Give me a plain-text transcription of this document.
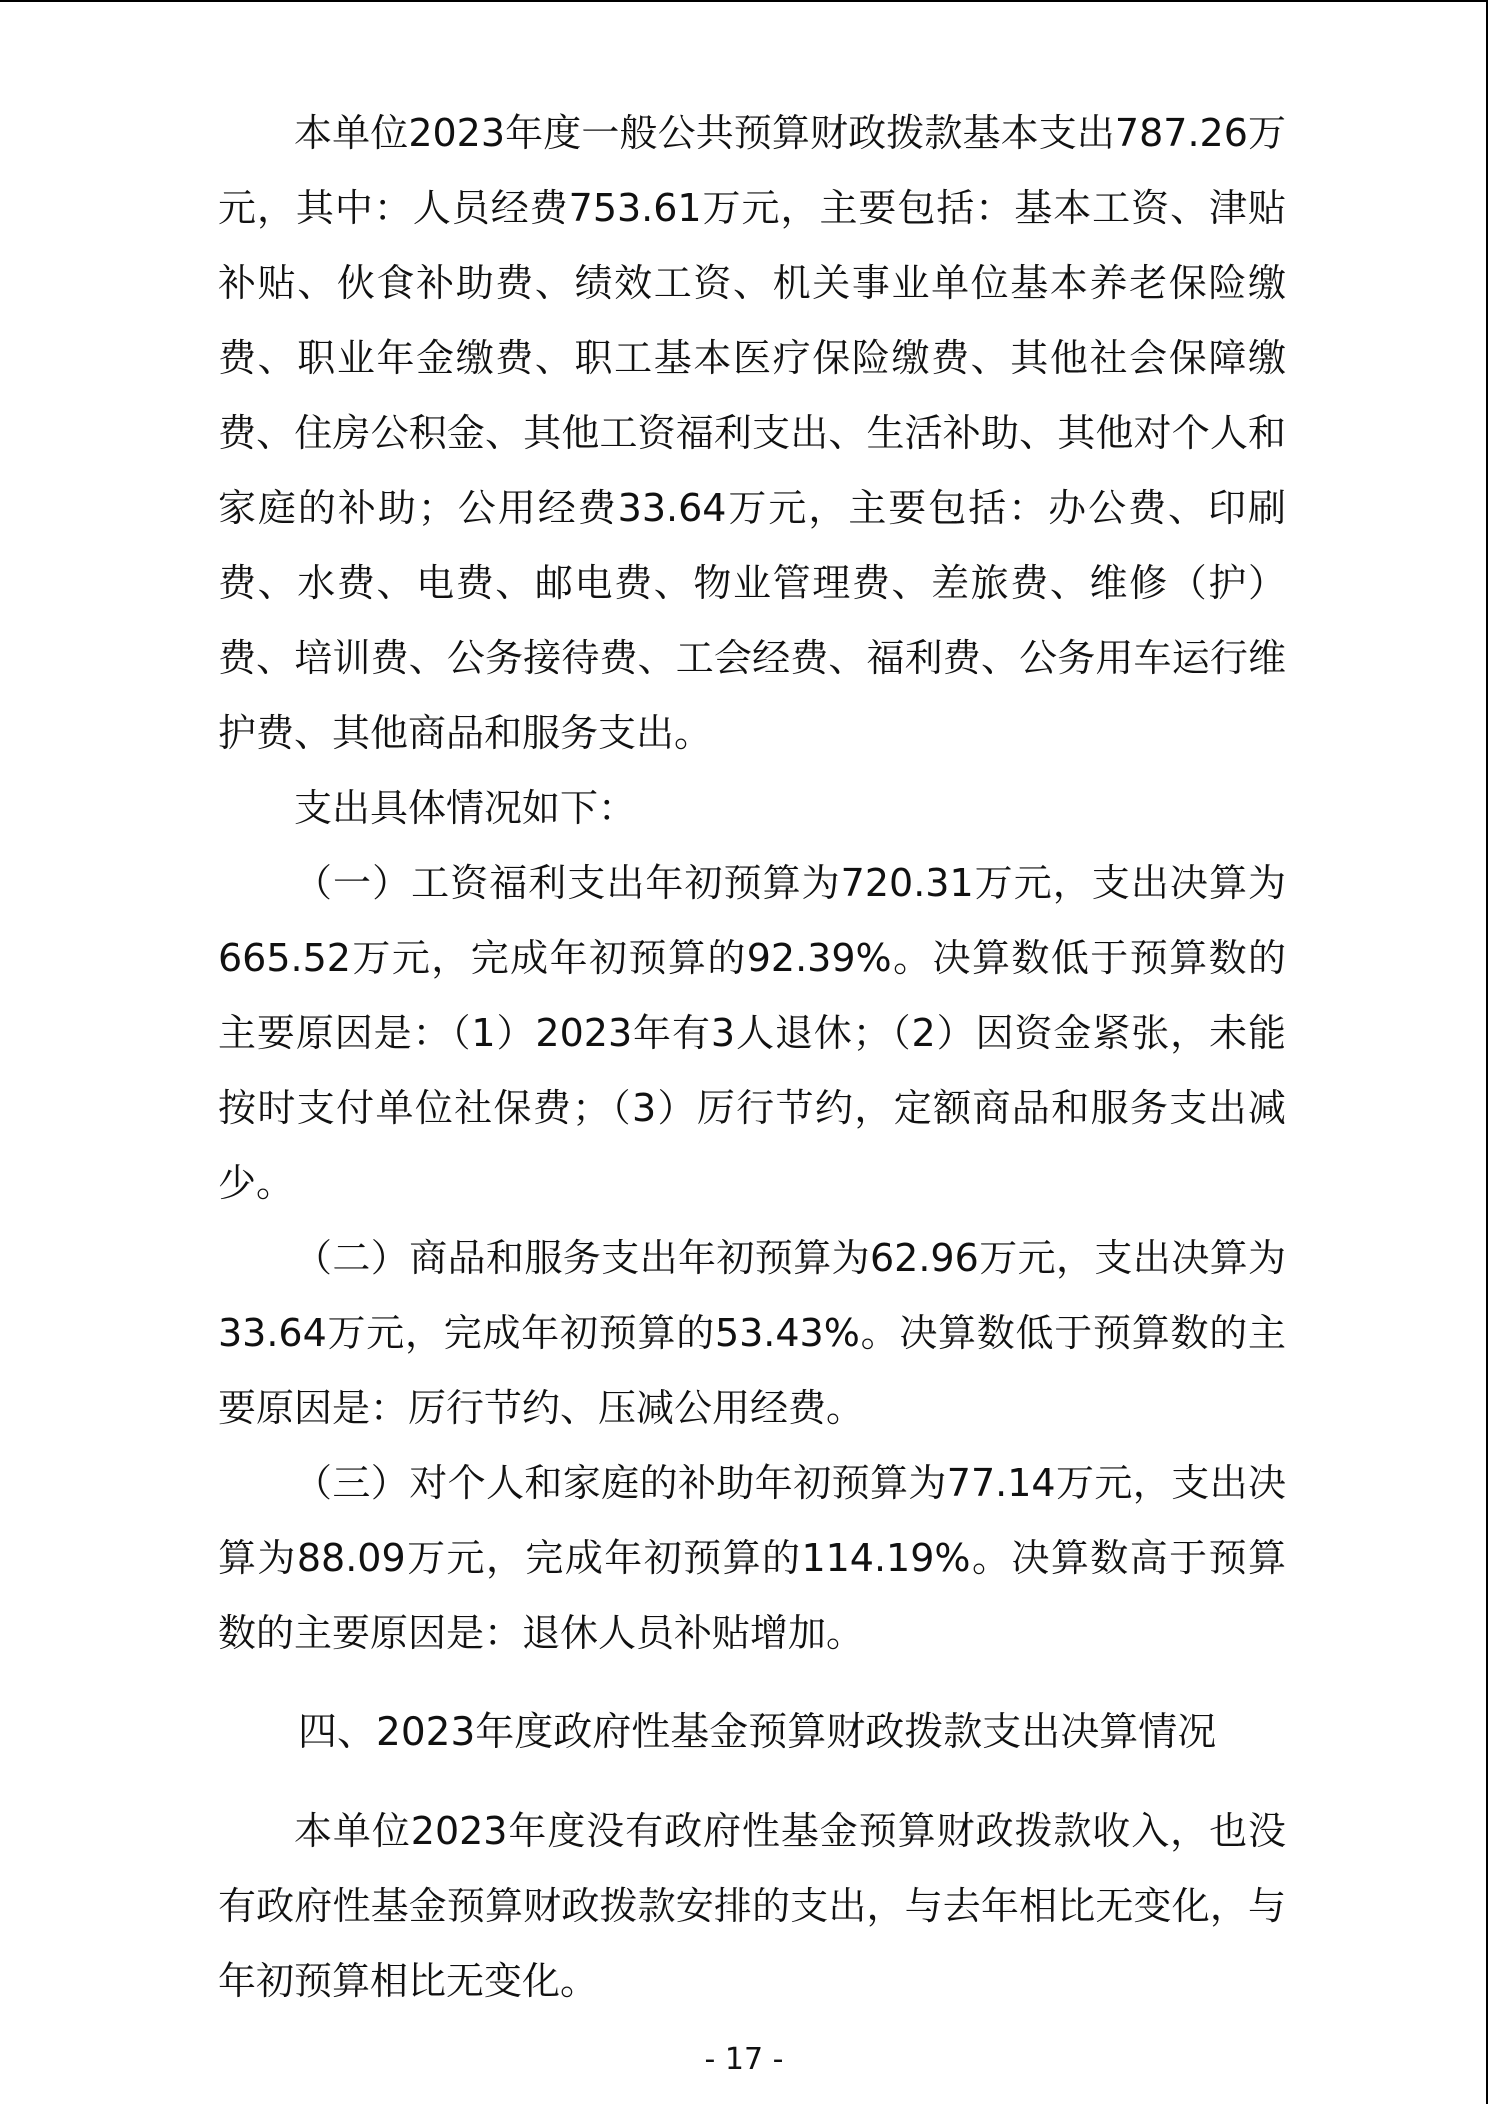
本单位2023年度一般公共预算财政拨款基本支出787.26万元，其中：人员经费753.61万元，主要包括：基本工资、津贴补贴、伙食补助费、绩效工资、机关事业单位基本养老保险缴费、职业年金缴费、职工基本医疗保险缴费、其他社会保障缴费、住房公积金、其他工资福利支出、生活补助、其他对个人和家庭的补助；公用经费33.64万元，主要包括：办公费、印刷费、水费、电费、邮电费、物业管理费、差旅费、维修（护）费、培训费、公务接待费、工会经费、福利费、公务用车运行维护费、其他商品和服务支出。

支出具体情况如下：

（一）工资福利支出年初预算为720.31万元，支出决算为665.52万元，完成年初预算的92.39%。决算数低于预算数的主要原因是：（1）2023年有3人退休；（2）因资金紧张，未能按时支付单位社保费；（3）厉行节约，定额商品和服务支出减少。

（二）商品和服务支出年初预算为62.96万元，支出决算为33.64万元，完成年初预算的53.43%。决算数低于预算数的主要原因是：厉行节约、压减公用经费。

（三）对个人和家庭的补助年初预算为77.14万元，支出决算为88.09万元，完成年初预算的114.19%。决算数高于预算数的主要原因是：退休人员补贴增加。

四、2023年度政府性基金预算财政拨款支出决算情况

本单位2023年度没有政府性基金预算财政拨款收入，也没有政府性基金预算财政拨款安排的支出，与去年相比无变化，与年初预算相比无变化。

- 17 -
